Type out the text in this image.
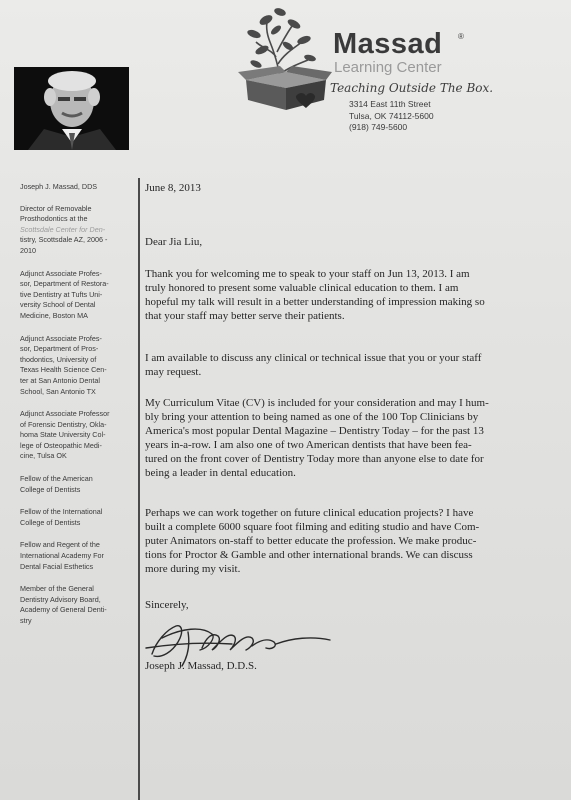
Massad ®

Learning Center

Teaching Outside The Box.

3314 East 11th Street
Tulsa, OK 74112-5600
(918) 749-5600
Joseph J. Massad, DDS
Director of Removable
Prosthodontics at the
Scottsdale Center for Den-
tistry, Scottsdale AZ, 2006 -
2010
Adjunct Associate Profes-
sor, Department of Restora-
tive Dentistry at Tufts Uni-
versity School of Dental
Medicine, Boston MA
Adjunct Associate Profes-
sor, Department of Pros-
thodontics, University of
Texas Health Science Cen-
ter at San Antonio Dental
School, San Antonio TX
Adjunct Associate Professor
of Forensic Dentistry, Okla-
homa State University Col-
lege of Osteopathic Medi-
cine, Tulsa OK
Fellow of the American
College of Dentists
Fellow of the International
College of Dentists
Fellow and Regent of the
International Academy For
Dental Facial Esthetics
Member of the General
Dentistry Advisory Board,
Academy of General Denti-
stry
June 8, 2013
Dear Jia Liu,
Thank you for welcoming me to speak to your staff on Jun 13, 2013. I am
truly honored to present some valuable clinical education to them. I am
hopeful my talk will result in a better understanding of impression making so
that your staff may better serve their patients.
I am available to discuss any clinical or technical issue that you or your staff
may request.
My Curriculum Vitae (CV) is included for your consideration and may I hum-
bly bring your attention to being named as one of the 100 Top Clinicians by
America's most popular Dental Magazine – Dentistry Today – for the past 13
years in-a-row. I am also one of two American dentists that have been fea-
tured on the front cover of Dentistry Today more than anyone else to date for
being a leader in dental education.
Perhaps we can work together on future clinical education projects? I have
built a complete 6000 square foot filming and editing studio and have Com-
puter Animators on-staff to better educate the profession. We make produc-
tions for Proctor & Gamble and other international brands. We can discuss
more during my visit.
Sincerely,
Joseph J. Massad, D.D.S.
